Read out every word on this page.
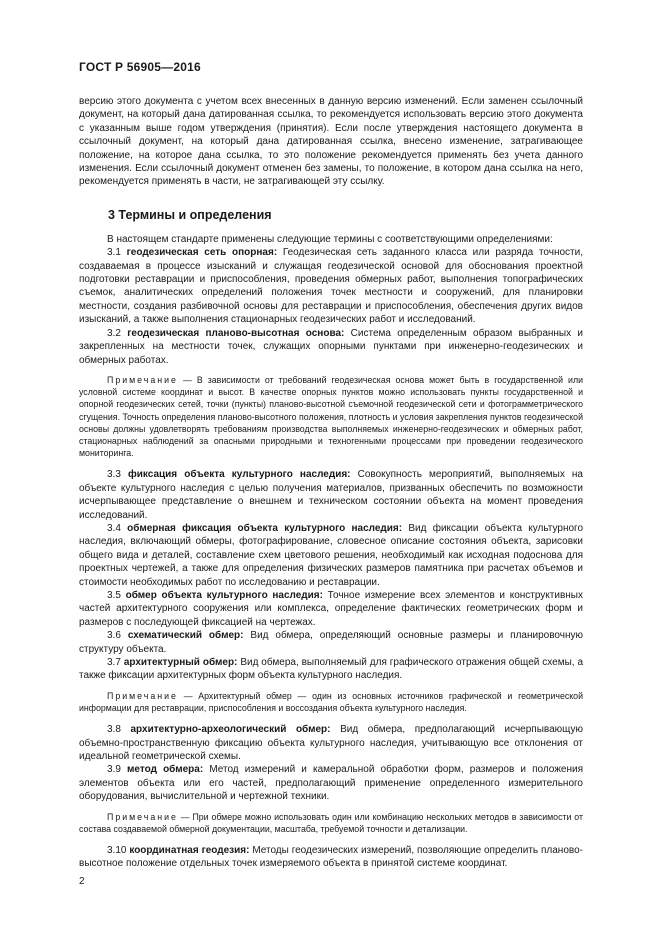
ГОСТ Р 56905—2016

версию этого документа с учетом всех внесенных в данную версию изменений. Если заменен ссылочный документ, на который дана датированная ссылка, то рекомендуется использовать версию этого документа с указанным выше годом утверждения (принятия). Если после утверждения настоящего документа в ссылочный документ, на который дана датированная ссылка, внесено изменение, затрагивающее положение, на которое дана ссылка, то это положение рекомендуется применять без учета данного изменения. Если ссылочный документ отменен без замены, то положение, в котором дана ссылка на него, рекомендуется применять в части, не затрагивающей эту ссылку.

3 Термины и определения

В настоящем стандарте применены следующие термины с соответствующими определениями:

3.1 геодезическая сеть опорная: Геодезическая сеть заданного класса или разряда точности, создаваемая в процессе изысканий и служащая геодезической основой для обоснования проектной подготовки реставрации и приспособления, проведения обмерных работ, выполнения топографических съемок, аналитических определений положения точек местности и сооружений, для планировки местности, создания разбивочной основы для реставрации и приспособления, обеспечения других видов изысканий, а также выполнения стационарных геодезических работ и исследований.

3.2 геодезическая планово-высотная основа: Система определенным образом выбранных и закрепленных на местности точек, служащих опорными пунктами при инженерно-геодезических и обмерных работах.

Примечание — В зависимости от требований геодезическая основа может быть в государственной или условной системе координат и высот. В качестве опорных пунктов можно использовать пункты государственной и опорной геодезических сетей, точки (пункты) планово-высотной съемочной геодезической сети и фотограмметрического сгущения. Точность определения планово-высотного положения, плотность и условия закрепления пунктов геодезической основы должны удовлетворять требованиям производства выполняемых инженерно-геодезических и обмерных работ, стационарных наблюдений за опасными природными и техногенными процессами при проведении геодезического мониторинга.

3.3 фиксация объекта культурного наследия: Совокупность мероприятий, выполняемых на объекте культурного наследия с целью получения материалов, призванных обеспечить по возможности исчерпывающее представление о внешнем и техническом состоянии объекта на момент проведения исследований.

3.4 обмерная фиксация объекта культурного наследия: Вид фиксации объекта культурного наследия, включающий обмеры, фотографирование, словесное описание состояния объекта, зарисовки общего вида и деталей, составление схем цветового решения, необходимый как исходная подоснова для проектных чертежей, а также для определения физических размеров памятника при расчетах объемов и стоимости необходимых работ по исследованию и реставрации.

3.5 обмер объекта культурного наследия: Точное измерение всех элементов и конструктивных частей архитектурного сооружения или комплекса, определение фактических геометрических форм и размеров с последующей фиксацией на чертежах.

3.6 схематический обмер: Вид обмера, определяющий основные размеры и планировочную структуру объекта.

3.7 архитектурный обмер: Вид обмера, выполняемый для графического отражения общей схемы, а также фиксации архитектурных форм объекта культурного наследия.

Примечание — Архитектурный обмер — один из основных источников графической и геометрической информации для реставрации, приспособления и воссоздания объекта культурного наследия.

3.8 архитектурно-археологический обмер: Вид обмера, предполагающий исчерпывающую объемно-пространственную фиксацию объекта культурного наследия, учитывающую все отклонения от идеальной геометрической схемы.

3.9 метод обмера: Метод измерений и камеральной обработки форм, размеров и положения элементов объекта или его частей, предполагающий применение определенного измерительного оборудования, вычислительной и чертежной техники.

Примечание — При обмере можно использовать один или комбинацию нескольких методов в зависимости от состава создаваемой обмерной документации, масштаба, требуемой точности и детализации.

3.10 координатная геодезия: Методы геодезических измерений, позволяющие определить планово-высотное положение отдельных точек измеряемого объекта в принятой системе координат.

2
